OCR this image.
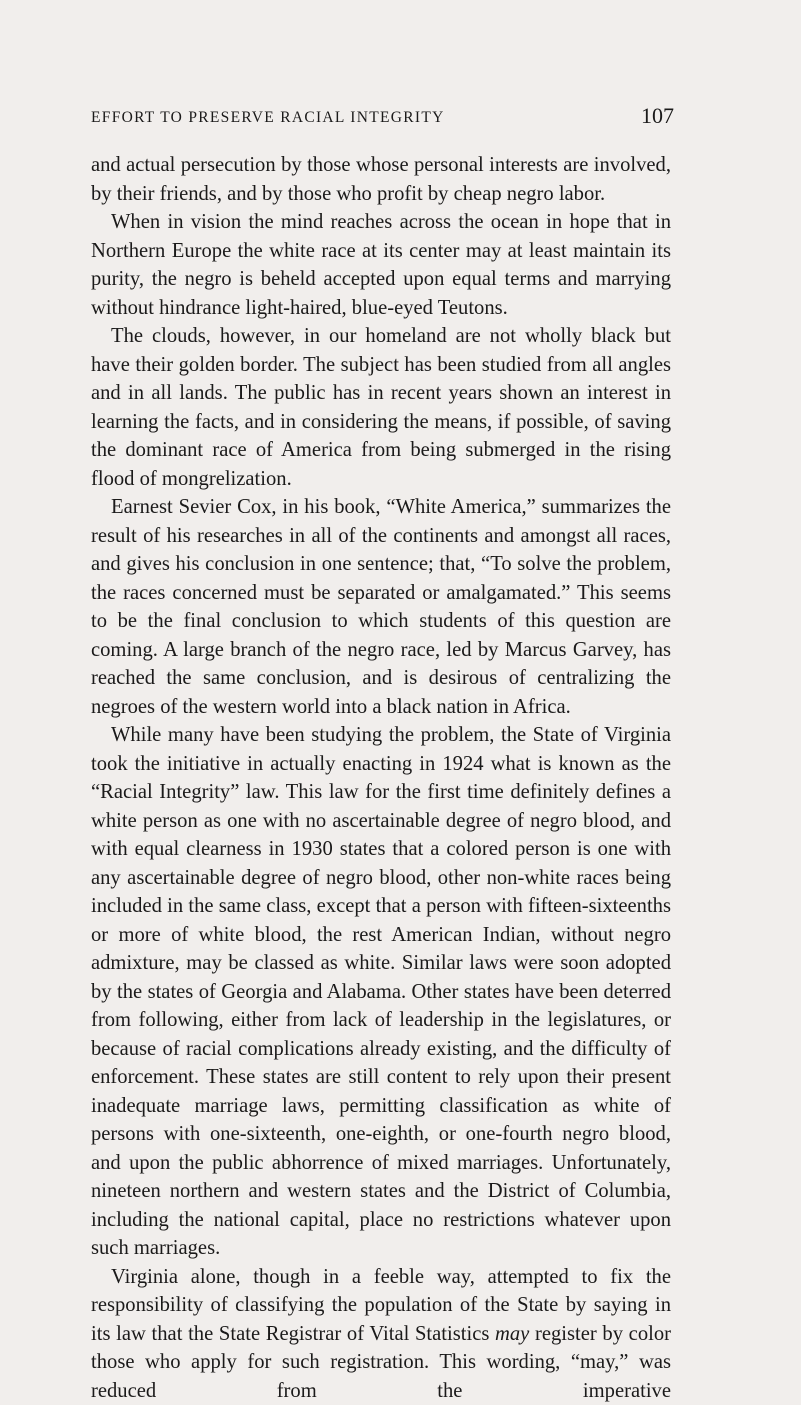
EFFORT TO PRESERVE RACIAL INTEGRITY	107

and actual persecution by those whose personal interests are involved, by their friends, and by those who profit by cheap negro labor.

When in vision the mind reaches across the ocean in hope that in Northern Europe the white race at its center may at least maintain its purity, the negro is beheld accepted upon equal terms and marrying without hindrance light-haired, blue-eyed Teutons.

The clouds, however, in our homeland are not wholly black but have their golden border. The subject has been studied from all angles and in all lands. The public has in recent years shown an interest in learning the facts, and in considering the means, if possible, of saving the dominant race of America from being submerged in the rising flood of mongrelization.

Earnest Sevier Cox, in his book, “White America,” summarizes the result of his researches in all of the continents and amongst all races, and gives his conclusion in one sentence; that, “To solve the problem, the races concerned must be separated or amalgamated.” This seems to be the final conclusion to which students of this question are coming. A large branch of the negro race, led by Marcus Garvey, has reached the same conclusion, and is desirous of centralizing the negroes of the western world into a black nation in Africa.

While many have been studying the problem, the State of Virginia took the initiative in actually enacting in 1924 what is known as the “Racial Integrity” law. This law for the first time definitely defines a white person as one with no ascertainable degree of negro blood, and with equal clearness in 1930 states that a colored person is one with any ascertainable degree of negro blood, other non-white races being included in the same class, except that a person with fifteen-sixteenths or more of white blood, the rest American Indian, without negro admixture, may be classed as white. Similar laws were soon adopted by the states of Georgia and Alabama. Other states have been deterred from following, either from lack of leadership in the legislatures, or because of racial complications already existing, and the difficulty of enforcement. These states are still content to rely upon their present inadequate marriage laws, permitting classification as white of persons with one-sixteenth, one-eighth, or one-fourth negro blood, and upon the public abhorrence of mixed marriages. Unfortunately, nineteen northern and western states and the District of Columbia, including the national capital, place no restrictions whatever upon such marriages.

Virginia alone, though in a feeble way, attempted to fix the responsibility of classifying the population of the State by saying in its law that the State Registrar of Vital Statistics may register by color those who apply for such registration. This wording, “may,” was reduced from the imperative
